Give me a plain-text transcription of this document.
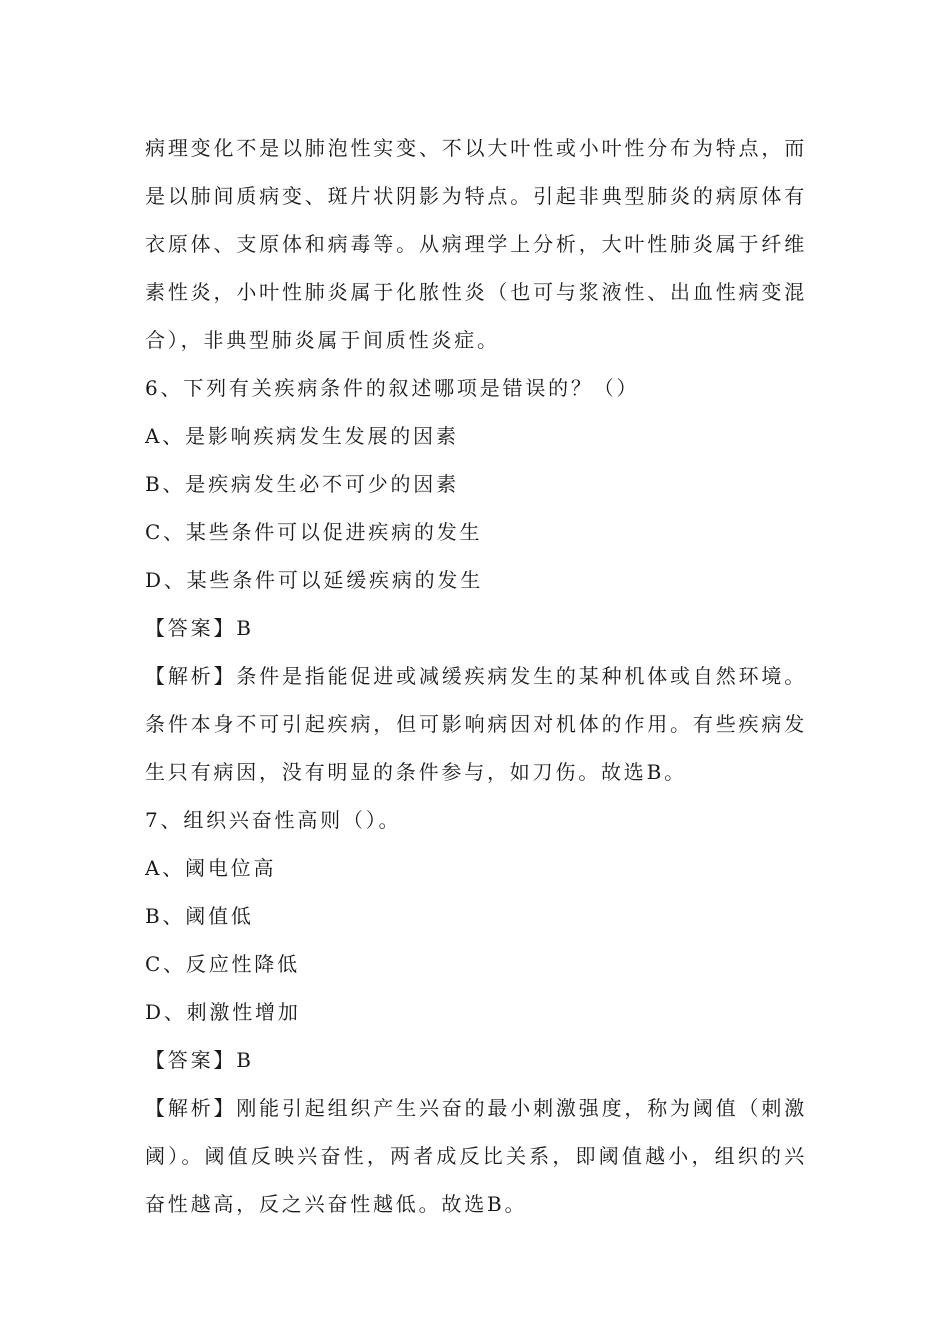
病理变化不是以肺泡性实变、不以大叶性或小叶性分布为特点，而是以肺间质病变、斑片状阴影为特点。引起非典型肺炎的病原体有衣原体、支原体和病毒等。从病理学上分析，大叶性肺炎属于纤维素性炎，小叶性肺炎属于化脓性炎（也可与浆液性、出血性病变混合），非典型肺炎属于间质性炎症。

6、下列有关疾病条件的叙述哪项是错误的？（）

A、是影响疾病发生发展的因素

B、是疾病发生必不可少的因素

C、某些条件可以促进疾病的发生

D、某些条件可以延缓疾病的发生

【答案】B

【解析】条件是指能促进或减缓疾病发生的某种机体或自然环境。条件本身不可引起疾病，但可影响病因对机体的作用。有些疾病发生只有病因，没有明显的条件参与，如刀伤。故选B。

7、组织兴奋性高则（）。

A、阈电位高

B、阈值低

C、反应性降低

D、刺激性增加

【答案】B

【解析】刚能引起组织产生兴奋的最小刺激强度，称为阈值（刺激阈）。阈值反映兴奋性，两者成反比关系，即阈值越小，组织的兴奋性越高，反之兴奋性越低。故选B。
